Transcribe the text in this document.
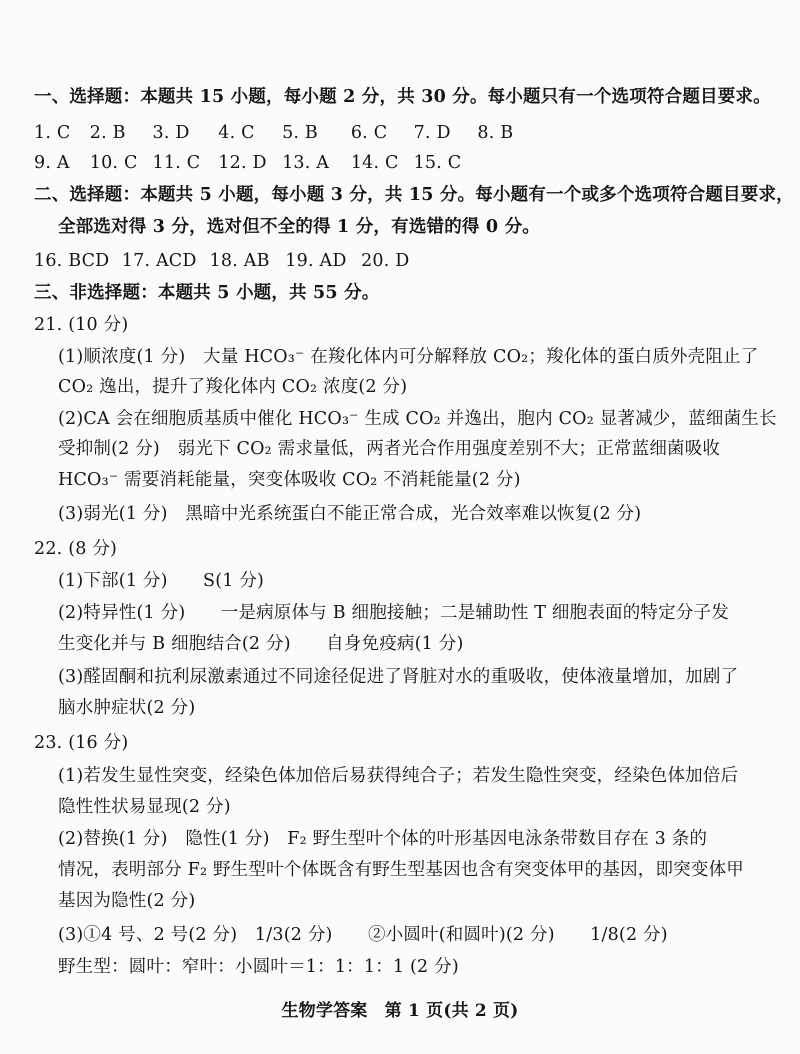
一、选择题：本题共 15 小题，每小题 2 分，共 30 分。每小题只有一个选项符合题目要求。
1. C 2. B 3. D 4. C 5. B 6. C 7. D 8. B
9. A 10. C 11. C 12. D 13. A 14. C 15. C
二、选择题：本题共 5 小题，每小题 3 分，共 15 分。每小题有一个或多个选项符合题目要求，
全部选对得 3 分，选对但不全的得 1 分，有选错的得 0 分。
16. BCD 17. ACD 18. AB 19. AD 20. D
三、非选择题：本题共 5 小题，共 55 分。
21. (10 分)
(1)顺浓度(1 分)　大量 HCO₃⁻ 在羧化体内可分解释放 CO₂；羧化体的蛋白质外壳阻止了
CO₂ 逸出，提升了羧化体内 CO₂ 浓度(2 分)
(2)CA 会在细胞质基质中催化 HCO₃⁻ 生成 CO₂ 并逸出，胞内 CO₂ 显著减少，蓝细菌生长
受抑制(2 分)　弱光下 CO₂ 需求量低，两者光合作用强度差别不大；正常蓝细菌吸收
HCO₃⁻ 需要消耗能量，突变体吸收 CO₂ 不消耗能量(2 分)
(3)弱光(1 分)　黑暗中光系统蛋白不能正常合成，光合效率难以恢复(2 分)
22. (8 分)
(1)下部(1 分)　　S(1 分)
(2)特异性(1 分)　　一是病原体与 B 细胞接触；二是辅助性 T 细胞表面的特定分子发
生变化并与 B 细胞结合(2 分)　　自身免疫病(1 分)
(3)醛固酮和抗利尿激素通过不同途径促进了肾脏对水的重吸收，使体液量增加，加剧了
脑水肿症状(2 分)
23. (16 分)
(1)若发生显性突变，经染色体加倍后易获得纯合子；若发生隐性突变，经染色体加倍后
隐性性状易显现(2 分)
(2)替换(1 分)　隐性(1 分)　F₂ 野生型叶个体的叶形基因电泳条带数目存在 3 条的
情况，表明部分 F₂ 野生型叶个体既含有野生型基因也含有突变体甲的基因，即突变体甲
基因为隐性(2 分)
(3)①4 号、2 号(2 分)　1/3(2 分)　　②小圆叶(和圆叶)(2 分)　　1/8(2 分)
野生型：圆叶：窄叶：小圆叶＝1：1：1：1 (2 分)
生物学答案　第 1 页(共 2 页)
